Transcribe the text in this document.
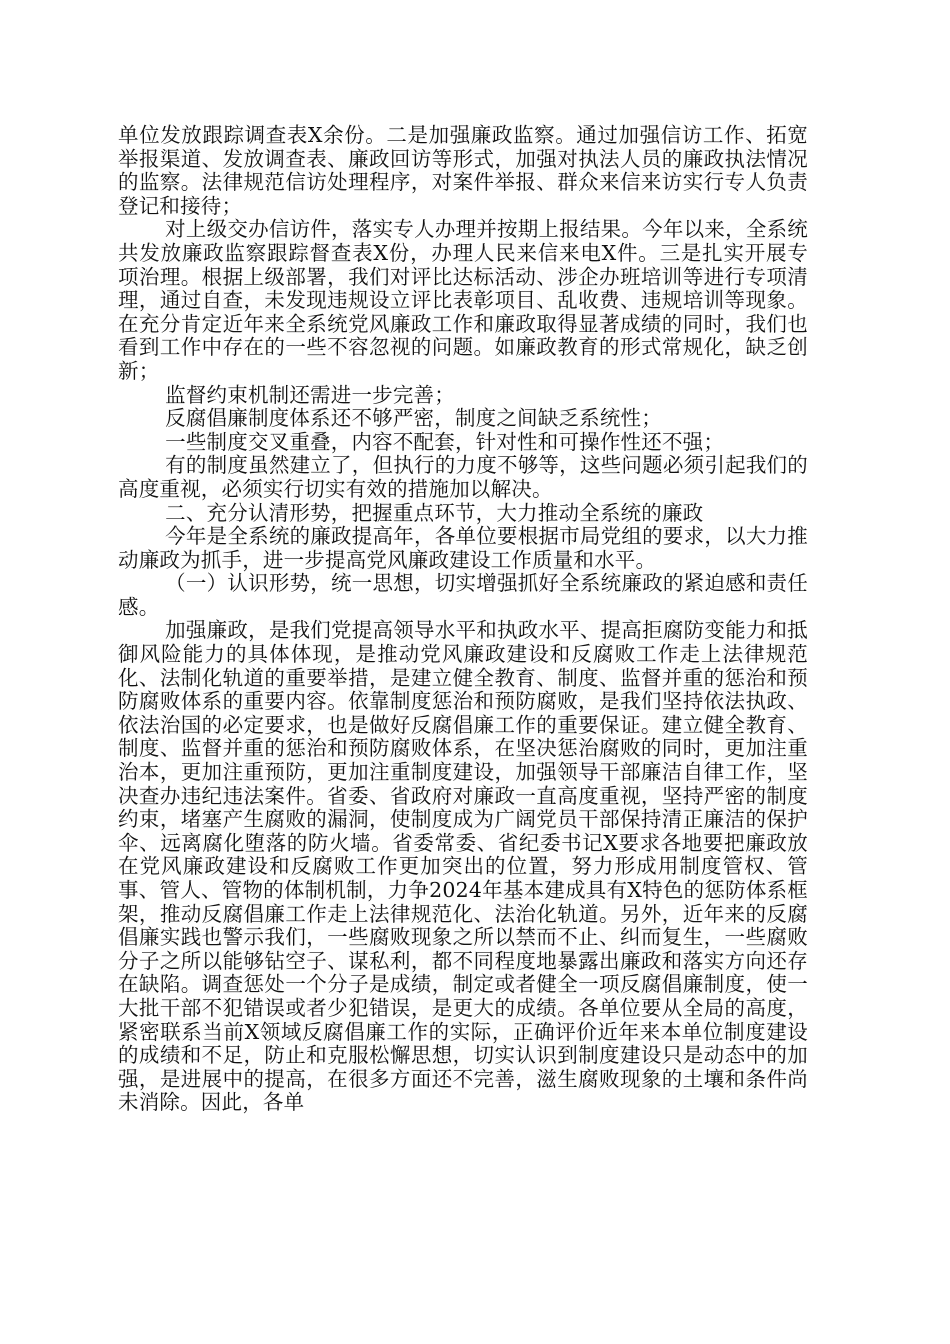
单位发放跟踪调查表Ⅹ余份。二是加强廉政监察。通过加强信访工作、拓宽举报渠道、发放调查表、廉政回访等形式，加强对执法人员的廉政执法情况的监察。法律规范信访处理程序，对案件举报、群众来信来访实行专人负责登记和接待；

对上级交办信访件，落实专人办理并按期上报结果。今年以来，全系统共发放廉政监察跟踪督查表Ⅹ份，办理人民来信来电Ⅹ件。三是扎实开展专项治理。根据上级部署，我们对评比达标活动、涉企办班培训等进行专项清理，通过自查，未发现违规设立评比表彰项目、乱收费、违规培训等现象。在充分肯定近年来全系统党风廉政工作和廉政取得显著成绩的同时，我们也看到工作中存在的一些不容忽视的问题。如廉政教育的形式常规化，缺乏创新；

监督约束机制还需进一步完善；

反腐倡廉制度体系还不够严密，制度之间缺乏系统性；

一些制度交叉重叠，内容不配套，针对性和可操作性还不强；

有的制度虽然建立了，但执行的力度不够等，这些问题必须引起我们的高度重视，必须实行切实有效的措施加以解决。

二、充分认清形势，把握重点环节，大力推动全系统的廉政

今年是全系统的廉政提高年，各单位要根据市局党组的要求，以大力推动廉政为抓手，进一步提高党风廉政建设工作质量和水平。

（一）认识形势，统一思想，切实增强抓好全系统廉政的紧迫感和责任感。

加强廉政，是我们党提高领导水平和执政水平、提高拒腐防变能力和抵御风险能力的具体体现，是推动党风廉政建设和反腐败工作走上法律规范化、法制化轨道的重要举措，是建立健全教育、制度、监督并重的惩治和预防腐败体系的重要内容。依靠制度惩治和预防腐败，是我们坚持依法执政、依法治国的必定要求，也是做好反腐倡廉工作的重要保证。建立健全教育、制度、监督并重的惩治和预防腐败体系，在坚决惩治腐败的同时，更加注重治本，更加注重预防，更加注重制度建设，加强领导干部廉洁自律工作，坚决查办违纪违法案件。省委、省政府对廉政一直高度重视，坚持严密的制度约束，堵塞产生腐败的漏洞，使制度成为广阔党员干部保持清正廉洁的保护伞、远离腐化堕落的防火墙。省委常委、省纪委书记Ⅹ要求各地要把廉政放在党风廉政建设和反腐败工作更加突出的位置，努力形成用制度管权、管事、管人、管物的体制机制，力争2024年基本建成具有Ⅹ特色的惩防体系框架，推动反腐倡廉工作走上法律规范化、法治化轨道。另外，近年来的反腐倡廉实践也警示我们，一些腐败现象之所以禁而不止、纠而复生，一些腐败分子之所以能够钻空子、谋私利，都不同程度地暴露出廉政和落实方向还存在缺陷。调查惩处一个分子是成绩，制定或者健全一项反腐倡廉制度，使一大批干部不犯错误或者少犯错误，是更大的成绩。各单位要从全局的高度，紧密联系当前Ⅹ领域反腐倡廉工作的实际，正确评价近年来本单位制度建设的成绩和不足，防止和克服松懈思想，切实认识到制度建设只是动态中的加强，是进展中的提高，在很多方面还不完善，滋生腐败现象的土壤和条件尚未消除。因此，各单
